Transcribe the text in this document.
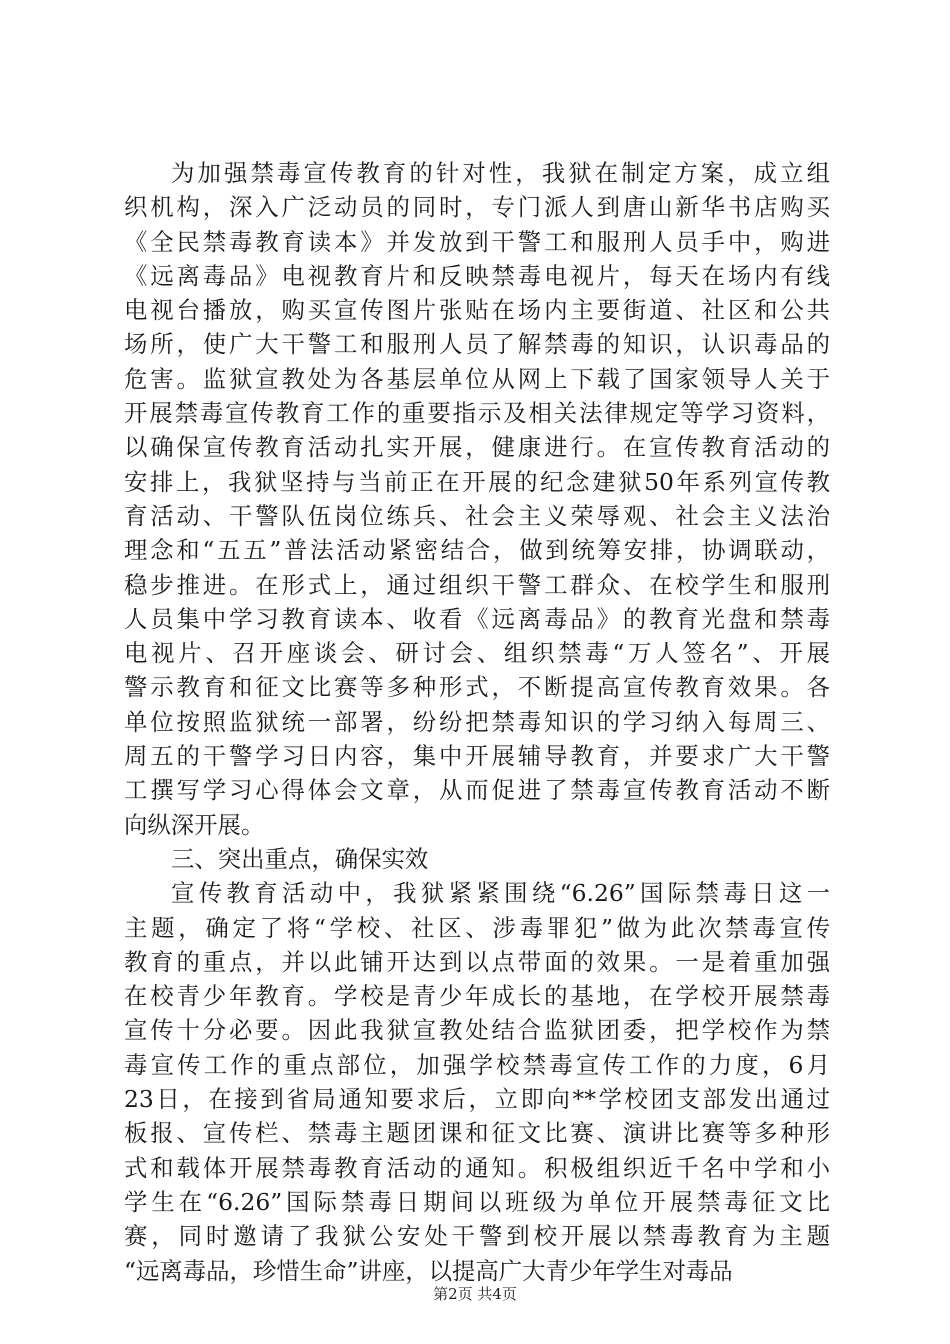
为加强禁毒宣传教育的针对性，我狱在制定方案，成立组
织机构，深入广泛动员的同时，专门派人到唐山新华书店购买
《全民禁毒教育读本》并发放到干警工和服刑人员手中，购进
《远离毒品》电视教育片和反映禁毒电视片，每天在场内有线
电视台播放，购买宣传图片张贴在场内主要街道、社区和公共
场所，使广大干警工和服刑人员了解禁毒的知识，认识毒品的
危害。监狱宣教处为各基层单位从网上下载了国家领导人关于
开展禁毒宣传教育工作的重要指示及相关法律规定等学习资料，
以确保宣传教育活动扎实开展，健康进行。在宣传教育活动的
安排上，我狱坚持与当前正在开展的纪念建狱50年系列宣传教
育活动、干警队伍岗位练兵、社会主义荣辱观、社会主义法治
理念和“五五”普法活动紧密结合，做到统筹安排，协调联动，
稳步推进。在形式上，通过组织干警工群众、在校学生和服刑
人员集中学习教育读本、收看《远离毒品》的教育光盘和禁毒
电视片、召开座谈会、研讨会、组织禁毒“万人签名”、开展
警示教育和征文比赛等多种形式，不断提高宣传教育效果。各
单位按照监狱统一部署，纷纷把禁毒知识的学习纳入每周三、
周五的干警学习日内容，集中开展辅导教育，并要求广大干警
工撰写学习心得体会文章，从而促进了禁毒宣传教育活动不断
向纵深开展。
三、突出重点，确保实效
宣传教育活动中，我狱紧紧围绕“6.26”国际禁毒日这一
主题，确定了将“学校、社区、涉毒罪犯”做为此次禁毒宣传
教育的重点，并以此铺开达到以点带面的效果。一是着重加强
在校青少年教育。学校是青少年成长的基地，在学校开展禁毒
宣传十分必要。因此我狱宣教处结合监狱团委，把学校作为禁
毒宣传工作的重点部位，加强学校禁毒宣传工作的力度，6月
23日，在接到省局通知要求后，立即向**学校团支部发出通过
板报、宣传栏、禁毒主题团课和征文比赛、演讲比赛等多种形
式和载体开展禁毒教育活动的通知。积极组织近千名中学和小
学生在“6.26”国际禁毒日期间以班级为单位开展禁毒征文比
赛，同时邀请了我狱公安处干警到校开展以禁毒教育为主题
“远离毒品，珍惜生命”讲座，以提高广大青少年学生对毒品
第2页 共4页
